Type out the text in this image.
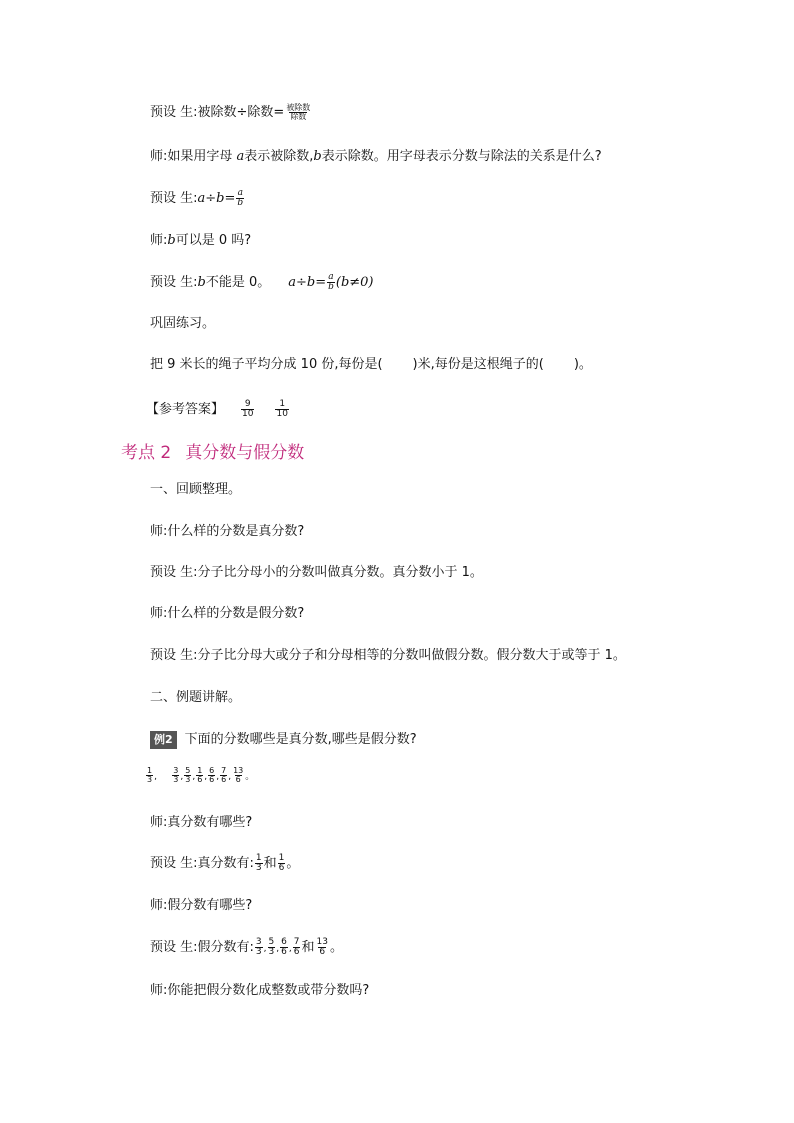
预设 生:被除数÷除数= $\frac{\text{被除数}}{\text{除数}}$
师:如果用字母 a表示被除数,b表示除数。用字母表示分数与除法的关系是什么?
预设 生:a÷b= $\frac{a}{b}$
师:b可以是 0 吗?
预设 生:b不能是 0。 $a\div b= \frac{a}{b} (b\ne 0)$
巩固练习。
把 9 米长的绳子平均分成 10 份,每份是( )米,每份是这根绳子的( )。
【参考答案】 $\frac{9}{10} \frac{1}{10}$
考点 2 真分数与假分数
一、回顾整理。
师:什么样的分数是真分数?
预设 生:分子比分母小的分数叫做真分数。真分数小于 1。
师:什么样的分数是假分数?
预设 生:分子比分母大或分子和分母相等的分数叫做假分数。假分数大于或等于 1。
二、例题讲解。
例2 下面的分数哪些是真分数,哪些是假分数?
$\frac{1}{3}$ , $\frac{3}{3}$ , $\frac{5}{3}$ , $\frac{1}{6}$ , $\frac{6}{6}$ , $\frac{7}{6}$ , $\frac{13}{6}$ 。
师:真分数有哪些?
预设 生:真分数有: $\frac{1}{3}$ 和 $\frac{1}{6}$ 。
师:假分数有哪些?
预设 生:假分数有: $\frac{3}{3}$ , $\frac{5}{3}$ , $\frac{6}{6}$ , $\frac{7}{6}$ 和 $\frac{13}{6}$ 。
师:你能把假分数化成整数或带分数吗?
